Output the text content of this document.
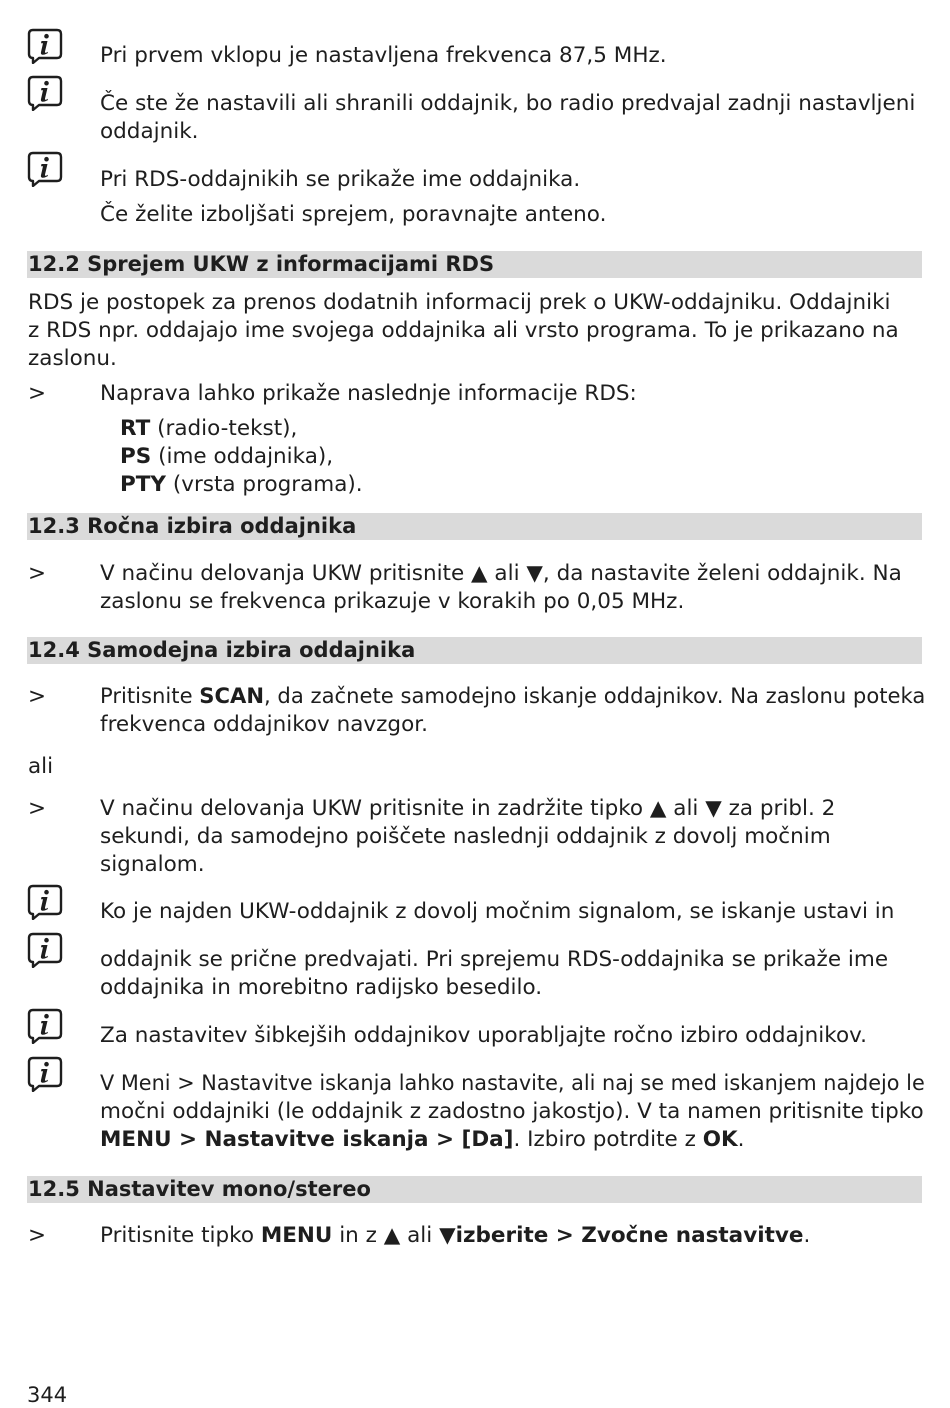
Pri prvem vklopu je nastavljena frekvenca 87,5 MHz.
Če ste že nastavili ali shranili oddajnik, bo radio predvajal zadnji nastavljeni
oddajnik.
Pri RDS-oddajnikih se prikaže ime oddajnika.
Če želite izboljšati sprejem, poravnajte anteno.
12.2 Sprejem UKW z informacijami RDS
RDS je postopek za prenos dodatnih informacij prek o UKW-oddajniku. Oddajniki
z RDS npr. oddajajo ime svojega oddajnika ali vrsto programa. To je prikazano na
zaslonu.
>	Naprava lahko prikaže naslednje informacije RDS:
RT (radio-tekst),
PS (ime oddajnika),
PTY (vrsta programa).
12.3 Ročna izbira oddajnika
>	V načinu delovanja UKW pritisnite ▲ ali ▼, da nastavite želeni oddajnik. Na
zaslonu se frekvenca prikazuje v korakih po 0,05 MHz.
12.4 Samodejna izbira oddajnika
>	Pritisnite SCAN, da začnete samodejno iskanje oddajnikov. Na zaslonu poteka
frekvenca oddajnikov navzgor.
ali
>	V načinu delovanja UKW pritisnite in zadržite tipko ▲ ali ▼ za pribl. 2
sekundi, da samodejno poiščete naslednji oddajnik z dovolj močnim
signalom.
Ko je najden UKW-oddajnik z dovolj močnim signalom, se iskanje ustavi in
oddajnik se prične predvajati. Pri sprejemu RDS-oddajnika se prikaže ime
oddajnika in morebitno radijsko besedilo.
Za nastavitev šibkejših oddajnikov uporabljajte ročno izbiro oddajnikov.
V Meni > Nastavitve iskanja lahko nastavite, ali naj se med iskanjem najdejo le
močni oddajniki (le oddajnik z zadostno jakostjo). V ta namen pritisnite tipko
MENU > Nastavitve iskanja > [Da]. Izbiro potrdite z OK.
12.5 Nastavitev mono/stereo
>	Pritisnite tipko MENU in z ▲ ali ▼izberite > Zvočne nastavitve.
344
